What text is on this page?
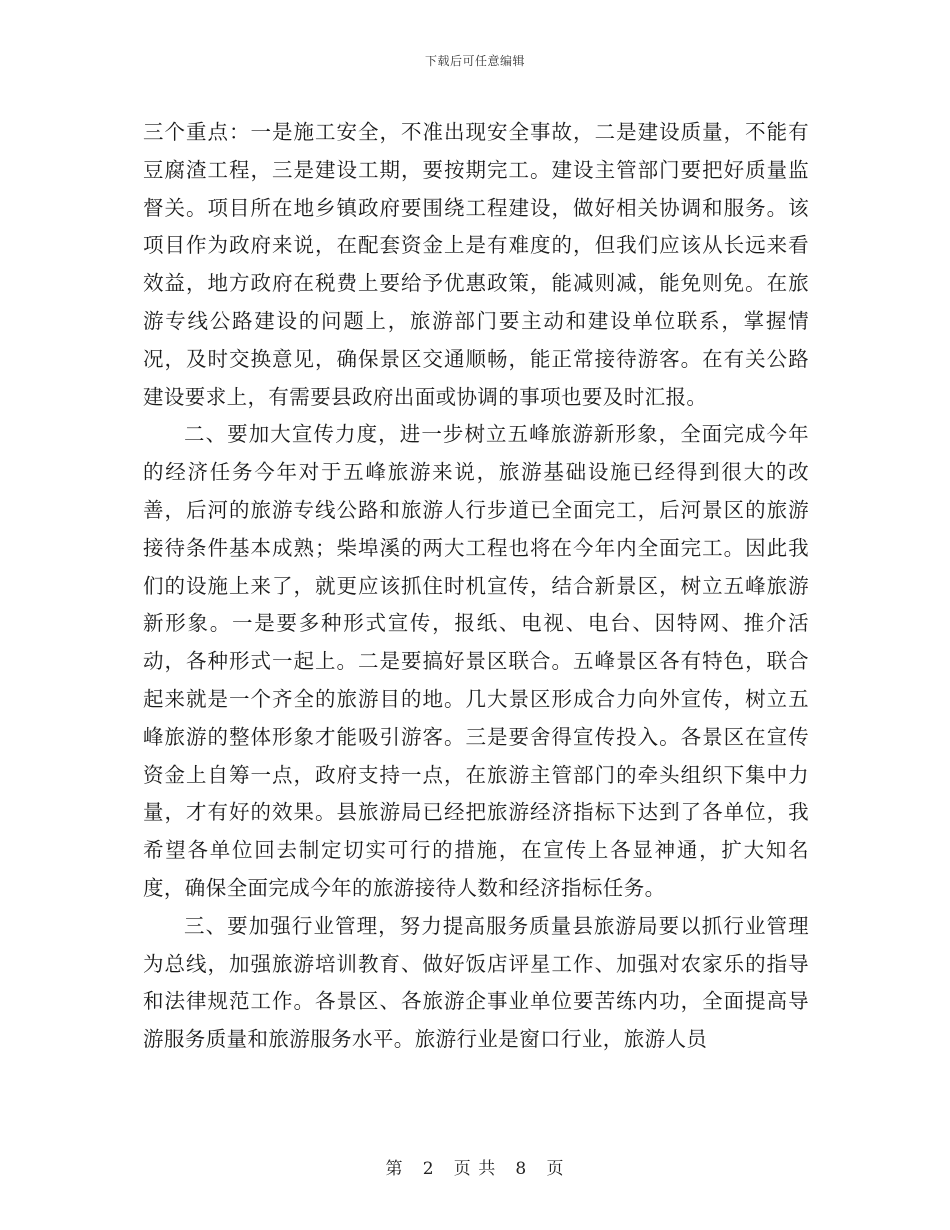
下载后可任意编辑

三个重点：一是施工安全，不准出现安全事故，二是建设质量，不能有豆腐渣工程，三是建设工期，要按期完工。建设主管部门要把好质量监督关。项目所在地乡镇政府要围绕工程建设，做好相关协调和服务。该项目作为政府来说，在配套资金上是有难度的，但我们应该从长远来看效益，地方政府在税费上要给予优惠政策，能减则减，能免则免。在旅游专线公路建设的问题上，旅游部门要主动和建设单位联系，掌握情况，及时交换意见，确保景区交通顺畅，能正常接待游客。在有关公路建设要求上，有需要县政府出面或协调的事项也要及时汇报。

二、要加大宣传力度，进一步树立五峰旅游新形象，全面完成今年的经济任务今年对于五峰旅游来说，旅游基础设施已经得到很大的改善，后河的旅游专线公路和旅游人行步道已全面完工，后河景区的旅游接待条件基本成熟；柴埠溪的两大工程也将在今年内全面完工。因此我们的设施上来了，就更应该抓住时机宣传，结合新景区，树立五峰旅游新形象。一是要多种形式宣传，报纸、电视、电台、因特网、推介活动，各种形式一起上。二是要搞好景区联合。五峰景区各有特色，联合起来就是一个齐全的旅游目的地。几大景区形成合力向外宣传，树立五峰旅游的整体形象才能吸引游客。三是要舍得宣传投入。各景区在宣传资金上自筹一点，政府支持一点，在旅游主管部门的牵头组织下集中力量，才有好的效果。县旅游局已经把旅游经济指标下达到了各单位，我希望各单位回去制定切实可行的措施，在宣传上各显神通，扩大知名度，确保全面完成今年的旅游接待人数和经济指标任务。

三、要加强行业管理，努力提高服务质量县旅游局要以抓行业管理为总线，加强旅游培训教育、做好饭店评星工作、加强对农家乐的指导和法律规范工作。各景区、各旅游企事业单位要苦练内功，全面提高导游服务质量和旅游服务水平。旅游行业是窗口行业，旅游人员

第 2 页 共 8 页
